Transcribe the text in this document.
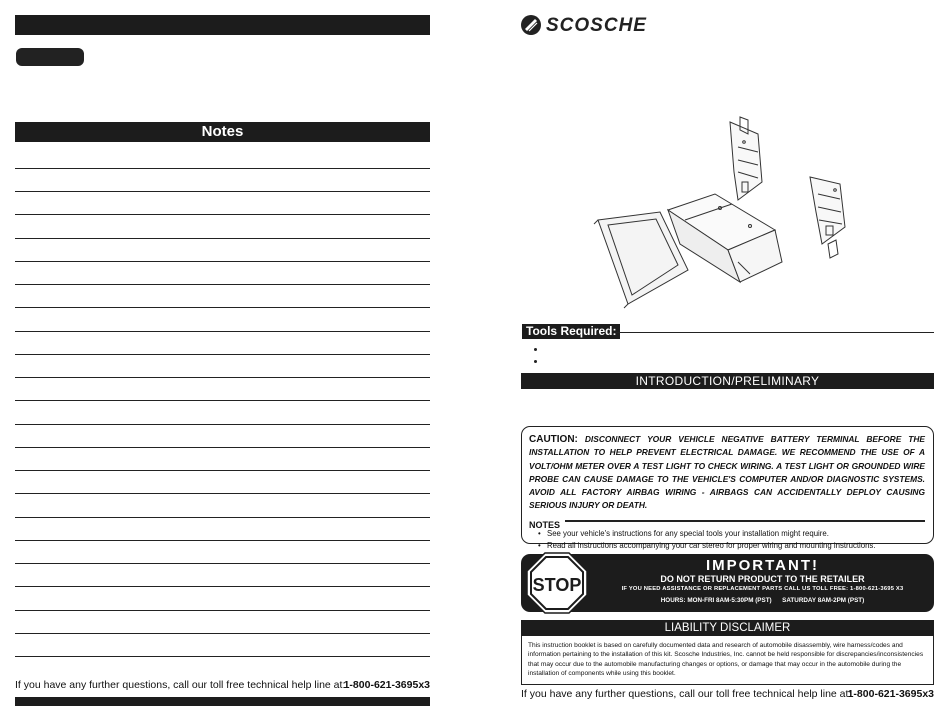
Notes
If you have any further questions, call our toll free technical help line at:
1-800-621-3695x3
SCOSCHE
Tools Required:
INTRODUCTION/PRELIMINARY
CAUTION: DISCONNECT YOUR VEHICLE NEGATIVE BATTERY TERMINAL BEFORE THE INSTALLATION TO HELP PREVENT ELECTRICAL DAMAGE. WE RECOMMEND THE USE OF A VOLT/OHM METER OVER A TEST LIGHT TO CHECK WIRING. A TEST LIGHT OR GROUNDED WIRE PROBE CAN CAUSE DAMAGE TO THE VEHICLE'S COMPUTER AND/OR DIAGNOSTIC SYSTEMS. AVOID ALL FACTORY AIRBAG WIRING - AIRBAGS CAN ACCIDENTALLY DEPLOY CAUSING SERIOUS INJURY OR DEATH.
NOTES
• See your vehicle's instructions for any special tools your installation might require.
• Read all instructions accompanying your car stereo for proper wiring and mounting instructions.
STOP
IMPORTANT!
DO NOT RETURN PRODUCT TO THE RETAILER
IF YOU NEED ASSISTANCE OR REPLACEMENT PARTS CALL US TOLL FREE: 1-800-621-3695 X3
HOURS: MON-FRI 8AM-5:30PM (PST)      SATURDAY 8AM-2PM (PST)
LIABILITY DISCLAIMER
This instruction booklet is based on carefully documented data and research of automobile disassembly, wire harness/codes and information pertaining to the installation of this kit. Scosche Industries, Inc. cannot be held responsible for discrepancies/inconsistencies that may occur due to the automobile manufacturing changes or options, or damage that may occur in the automobile during the installation of components while using this booklet.
If you have any further questions, call our toll free technical help line at:
1-800-621-3695x3
